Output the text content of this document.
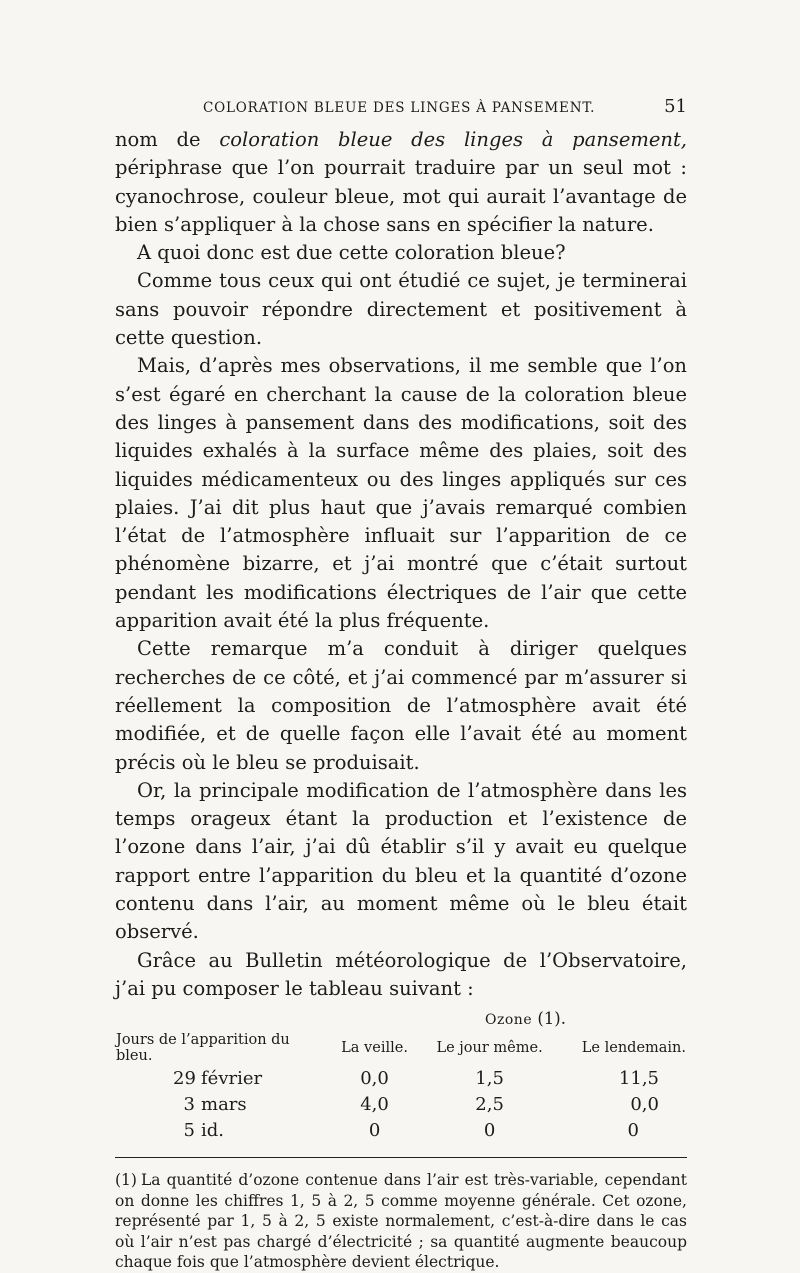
COLORATION BLEUE DES LINGES À PANSEMENT.	51

nom de coloration bleue des linges à pansement, périphrase que l’on pourrait traduire par un seul mot : cyanochrose, couleur bleue, mot qui aurait l’avantage de bien s’appliquer à la chose sans en spécifier la nature.

A quoi donc est due cette coloration bleue?

Comme tous ceux qui ont étudié ce sujet, je terminerai sans pouvoir répondre directement et positivement à cette question.

Mais, d’après mes observations, il me semble que l’on s’est égaré en cherchant la cause de la coloration bleue des linges à pansement dans des modifications, soit des liquides exhalés à la surface même des plaies, soit des liquides médicamenteux ou des linges appliqués sur ces plaies. J’ai dit plus haut que j’avais remarqué combien l’état de l’atmosphère influait sur l’apparition de ce phénomène bizarre, et j’ai montré que c’était surtout pendant les modifications électriques de l’air que cette apparition avait été la plus fréquente.

Cette remarque m’a conduit à diriger quelques recherches de ce côté, et j’ai commencé par m’assurer si réellement la composition de l’atmosphère avait été modifiée, et de quelle façon elle l’avait été au moment précis où le bleu se produisait.

Or, la principale modification de l’atmosphère dans les temps orageux étant la production et l’existence de l’ozone dans l’air, j’ai dû établir s’il y avait eu quelque rapport entre l’apparition du bleu et la quantité d’ozone contenu dans l’air, au moment même où le bleu était observé.

Grâce au Bulletin météorologique de l’Observatoire, j’ai pu composer le tableau suivant :

Ozone (1).			
Jours de l’apparition du bleu.	La veille.	Le jour même.	Le lendemain.
29 février	0,0	1,5	11,5
3 mars	4,0	2,5	0,0
5 id.	0	0	0

(1) La quantité d’ozone contenue dans l’air est très-variable, cependant on donne les chiffres 1, 5 à 2, 5 comme moyenne générale. Cet ozone, représenté par 1, 5 à 2, 5 existe normalement, c’est-à-dire dans le cas où l’air n’est pas chargé d’électricité ; sa quantité augmente beaucoup chaque fois que l’atmosphère devient électrique.
